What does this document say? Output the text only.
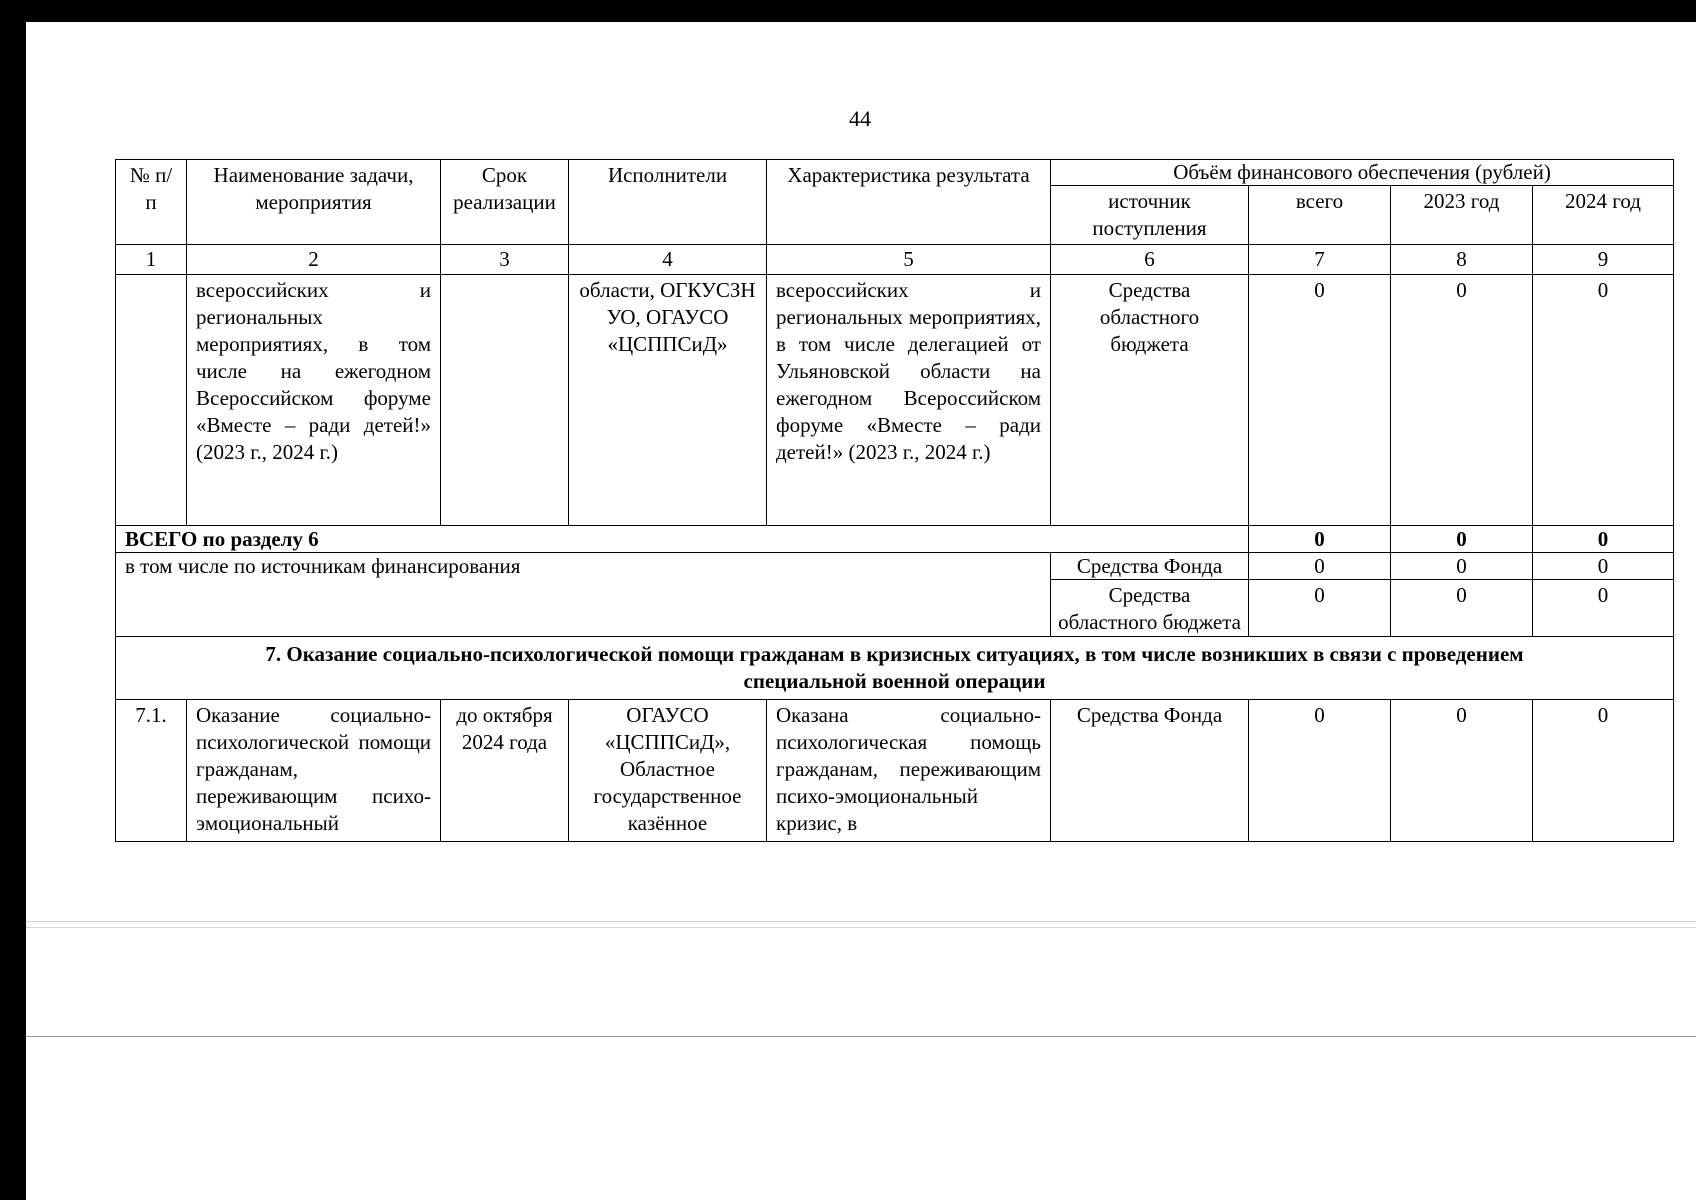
44
№ п/п	Наименование задачи, мероприятия	Срок реализации	Исполнители	Характеристика результата	Объём финансового обеспечения (рублей)			
					источник поступления	всего	2023 год	2024 год
1	2	3	4	5	6	7	8	9
	всероссийских и региональных мероприятиях, в том числе на ежегодном Всероссийском форуме «Вместе – ради детей!» (2023 г., 2024 г.)		области, ОГКУСЗН УО, ОГАУСО «ЦСППСиД»	всероссийских и региональных мероприятиях, в том числе делегацией от Ульяновской области на ежегодном Всероссийском форуме «Вместе – ради детей!» (2023 г., 2024 г.)	Средства областного бюджета	0	0	0
ВСЕГО по разделу 6						0	0	0
в том числе по источникам финансирования					Средства Фонда	0	0	0
					Средства областного бюджета	0	0	0

7. Оказание социально-психологической помощи гражданам в кризисных ситуациях, в том числе возникших в связи с проведением
специальной военной операции								

7.1.	Оказание социально-психологической помощи гражданам, переживающим психо-эмоциональный	до октября 2024 года	ОГАУСО «ЦСППСиД», Областное государственное казённое	Оказана социально-психологическая помощь гражданам, переживающим психо-эмоциональный кризис, в	Средства Фонда	0	0	0
